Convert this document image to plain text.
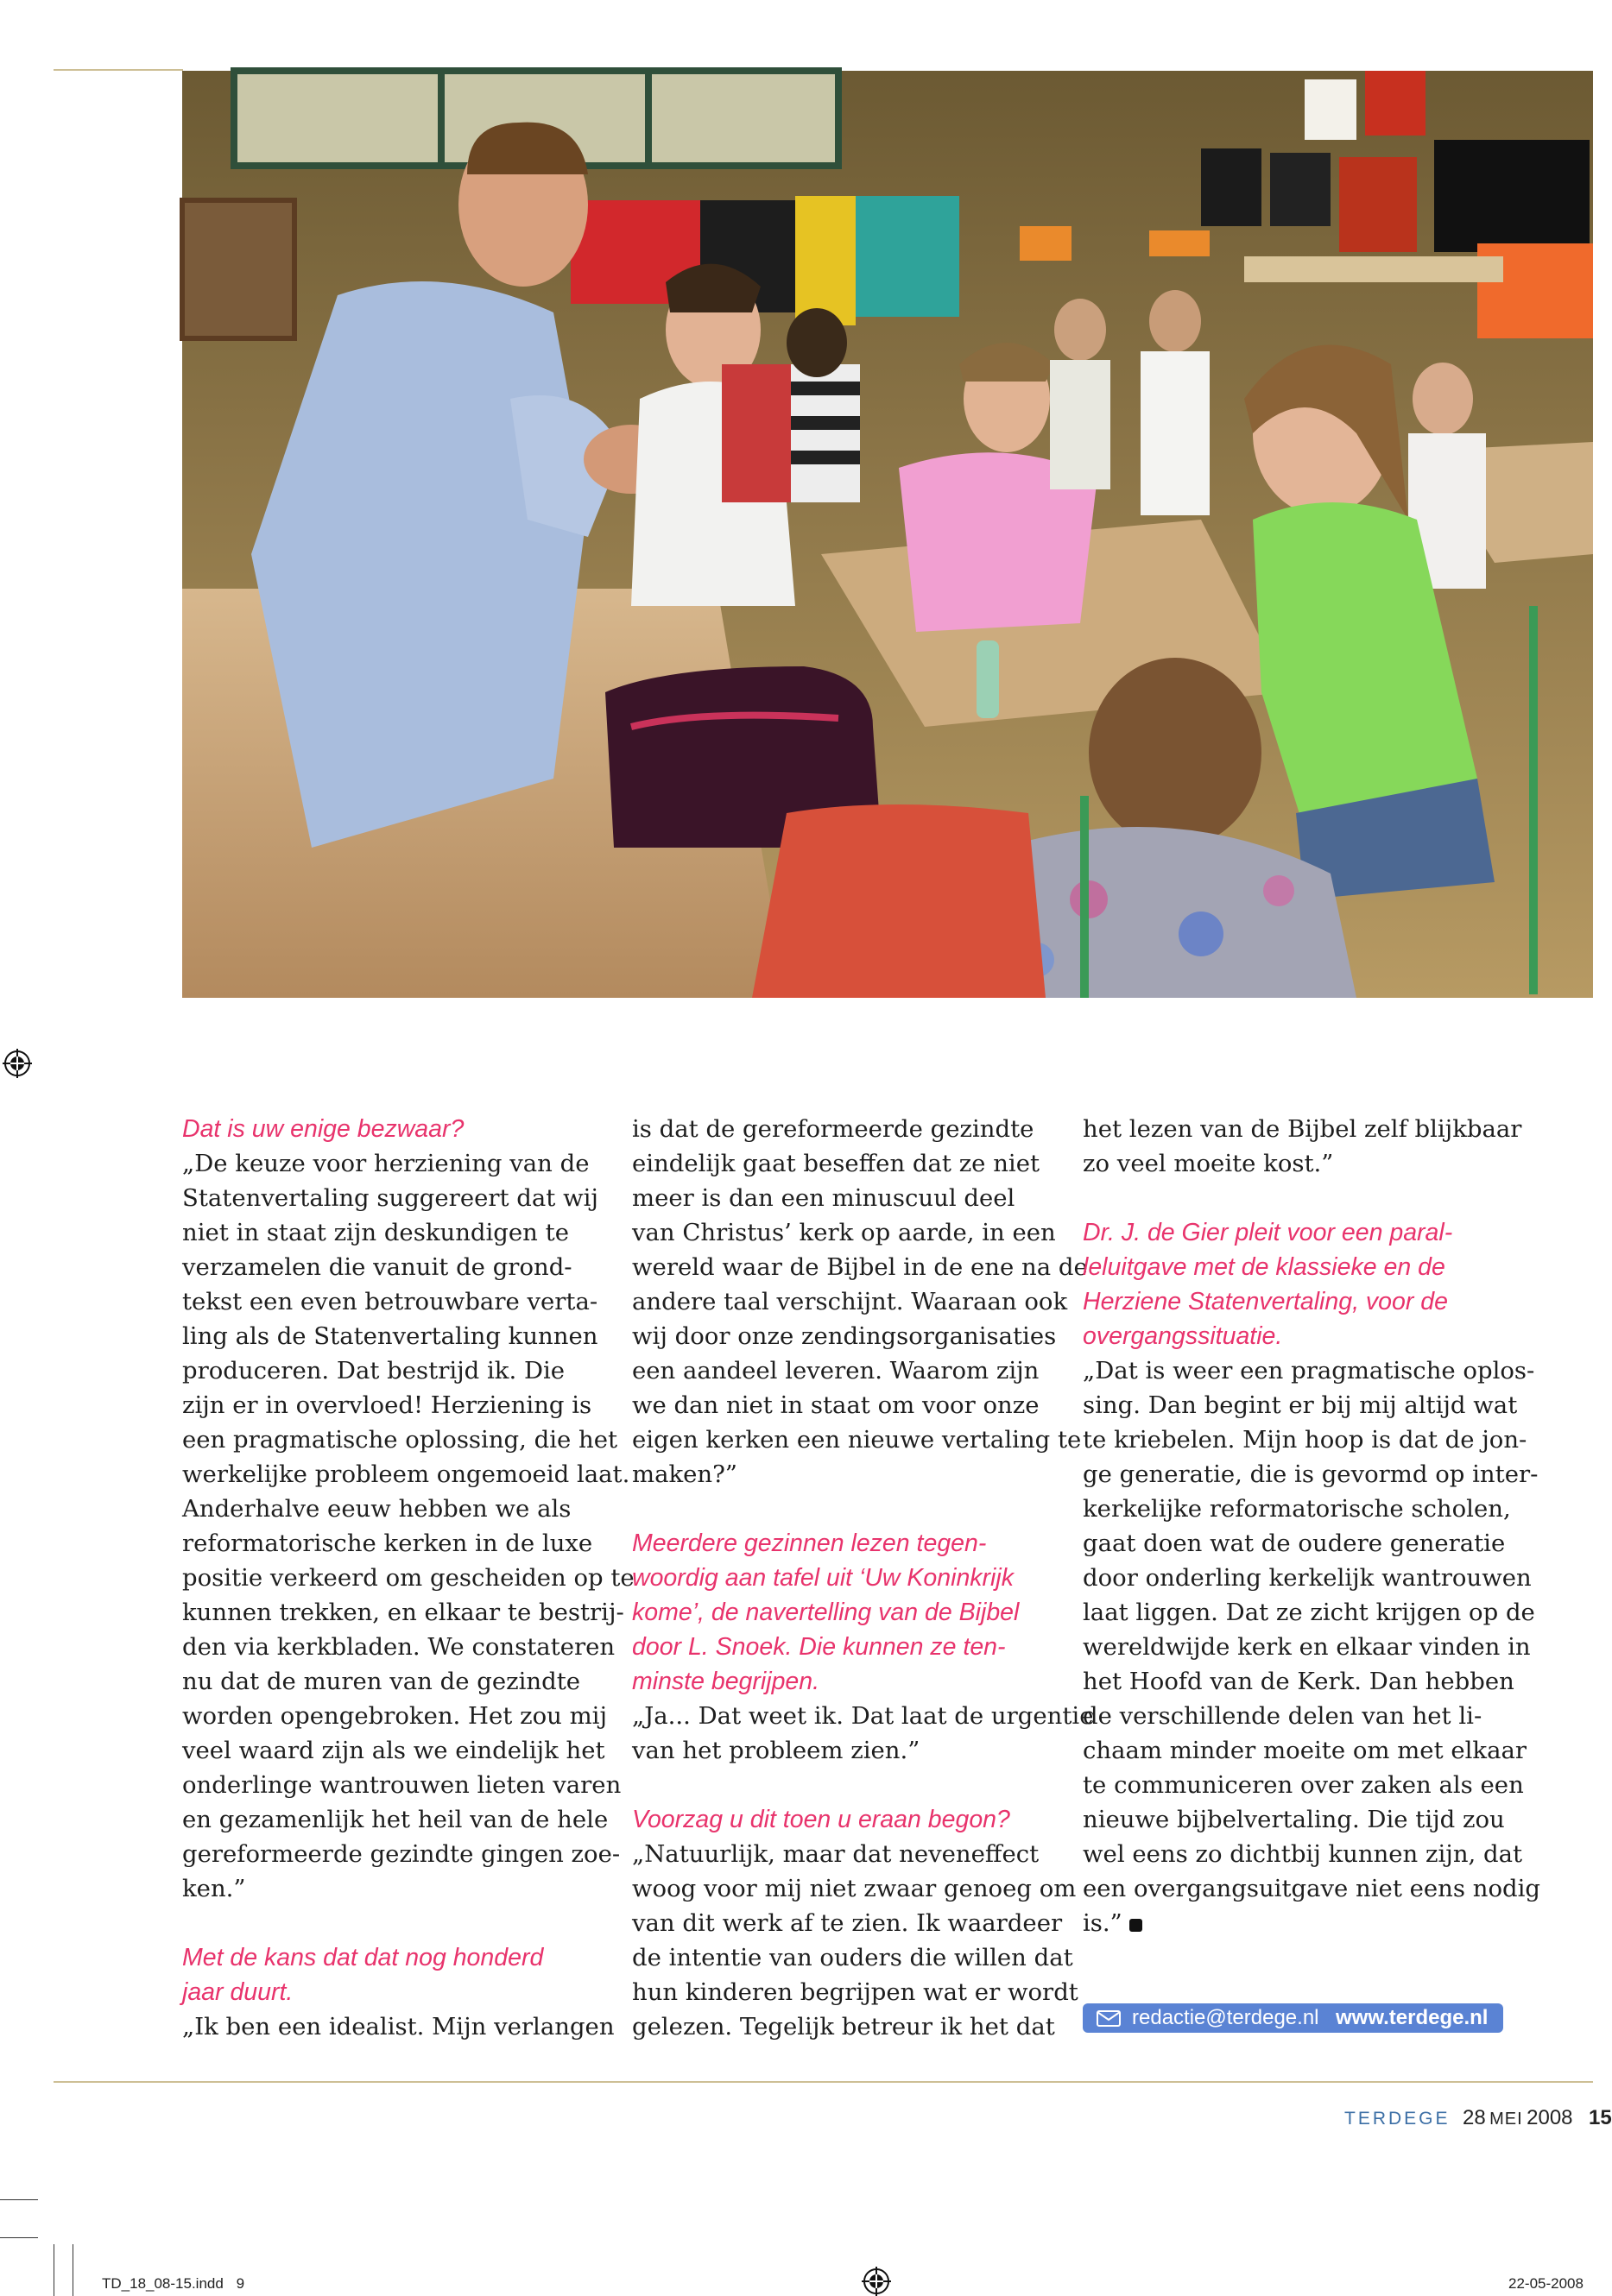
Dat is uw enige bezwaar?

„De keuze voor herziening van de

Statenvertaling suggereert dat wij

niet in staat zijn deskundigen te

verzamelen die vanuit de grond-

tekst een even betrouwbare verta-

ling als de Statenvertaling kunnen

produceren. Dat bestrijd ik. Die

zijn er in overvloed! Herziening is

een pragmatische oplossing, die het

werkelijke probleem ongemoeid laat.

Anderhalve eeuw hebben we als

reformatorische kerken in de luxe

positie verkeerd om gescheiden op te

kunnen trekken, en elkaar te bestrij-

den via kerkbladen. We constateren

nu dat de muren van de gezindte

worden opengebroken. Het zou mij

veel waard zijn als we eindelijk het

onderlinge wantrouwen lieten varen

en gezamenlijk het heil van de hele

gereformeerde gezindte gingen zoe-

ken.”

Met de kans dat dat nog honderd

jaar duurt.

„Ik ben een idealist. Mijn verlangen

is dat de gereformeerde gezindte

eindelijk gaat beseffen dat ze niet

meer is dan een minuscuul deel

van Christus’ kerk op aarde, in een

wereld waar de Bijbel in de ene na de

andere taal verschijnt. Waaraan ook

wij door onze zendingsorganisaties

een aandeel leveren. Waarom zijn

we dan niet in staat om voor onze

eigen kerken een nieuwe vertaling te

maken?”

Meerdere gezinnen lezen tegen-

woordig aan tafel uit ‘Uw Koninkrijk

kome’, de navertelling van de Bijbel

door L. Snoek. Die kunnen ze ten-

minste begrijpen.

„Ja... Dat weet ik. Dat laat de urgentie

van het probleem zien.”

Voorzag u dit toen u eraan begon?

„Natuurlijk, maar dat neveneffect

woog voor mij niet zwaar genoeg om

van dit werk af te zien. Ik waardeer

de intentie van ouders die willen dat

hun kinderen begrijpen wat er wordt

gelezen. Tegelijk betreur ik het dat

het lezen van de Bijbel zelf blijkbaar

zo veel moeite kost.”

Dr. J. de Gier pleit voor een paral-

leluitgave met de klassieke en de

Herziene Statenvertaling, voor de

overgangssituatie.

„Dat is weer een pragmatische oplos-

sing. Dan begint er bij mij altijd wat

te kriebelen. Mijn hoop is dat de jon-

ge generatie, die is gevormd op inter-

kerkelijke reformatorische scholen,

gaat doen wat de oudere generatie

door onderling kerkelijk wantrouwen

laat liggen. Dat ze zicht krijgen op de

wereldwijde kerk en elkaar vinden in

het Hoofd van de Kerk. Dan hebben

de verschillende delen van het li-

chaam minder moeite om met elkaar

te communiceren over zaken als een

nieuwe bijbelvertaling. Die tijd zou

wel eens zo dichtbij kunnen zijn, dat

een overgangsuitgave niet eens nodig

is.”

redactie@terdege.nl www.terdege.nl
TERDEGE 28 MEI 2008 15
TD_18_08-15.indd 9	22-05-2008
